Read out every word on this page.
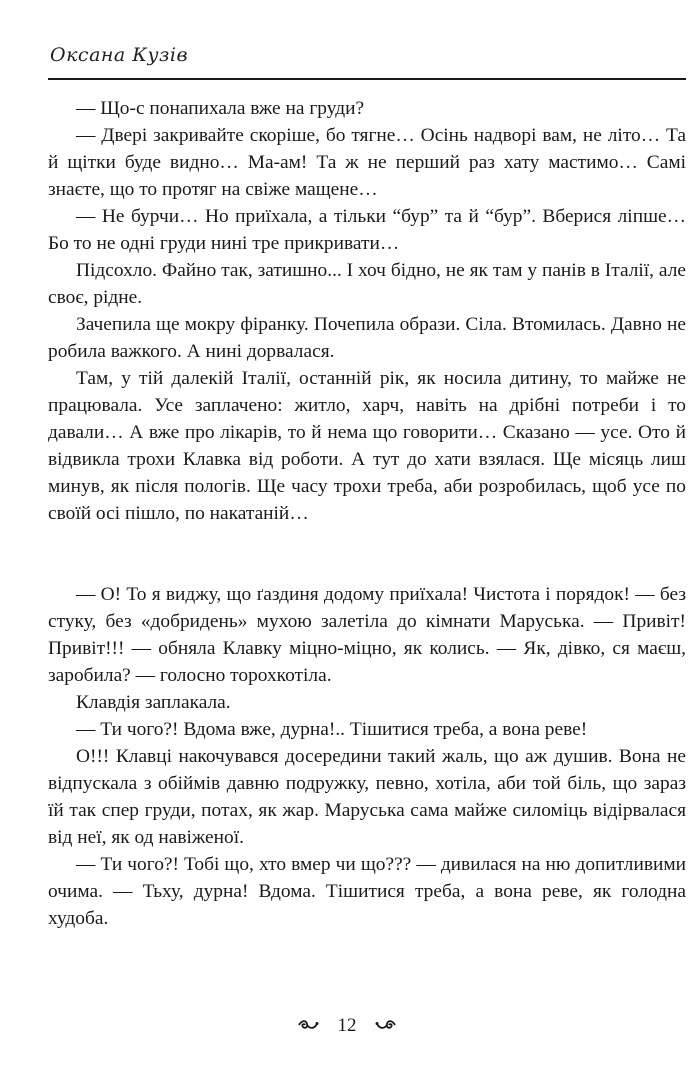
Оксана Кузів

— Що-с понапихала вже на груди?

— Двері закривайте скоріше, бо тягне… Осінь надворі вам, не літо… Та й щітки буде видно… Ма-ам! Та ж не перший раз хату мастимо… Самі знаєте, що то протяг на свіже мащене…

— Не бурчи… Но приїхала, а тільки “бур” та й “бур”. Вберися ліпше… Бо то не одні груди нині тре прикривати…

Підсохло. Файно так, затишно... І хоч бідно, не як там у панів в Італії, але своє, рідне.

Зачепила ще мокру фіранку. Почепила образи. Сіла. Втомилась. Давно не робила важкого. А нині дорвалася.

Там, у тій далекій Італії, останній рік, як носила дитину, то майже не працювала. Усе заплачено: житло, харч, навіть на дрібні потреби і то давали… А вже про лікарів, то й нема що говорити… Сказано — усе. Ото й відвикла трохи Клавка від роботи. А тут до хати взялася. Ще місяць лиш минув, як після пологів. Ще часу трохи треба, аби розробилась, щоб усе по своїй осі пішло, по накатаній…

— О! То я виджу, що ґаздиня додому приїхала! Чистота і порядок! — без стуку, без «добридень» мухою залетіла до кімнати Маруська. — Привіт! Привіт!!! — обняла Клавку міцно-міцно, як колись. — Як, дівко, ся маєш, заробила? — голосно торохкотіла.

Клавдія заплакала.

— Ти чого?! Вдома вже, дурна!.. Тішитися треба, а вона реве!

О!!! Клавці накочувався досередини такий жаль, що аж душив. Вона не відпускала з обіймів давню подружку, певно, хотіла, аби той біль, що зараз їй так спер груди, потах, як жар. Маруська сама майже силоміць відірвалася від неї, як од навіженої.

— Ти чого?! Тобі що, хто вмер чи що??? — дивилася на ню допитливими очима. — Тьху, дурна! Вдома. Тішитися треба, а вона реве, як голодна худоба.

12
